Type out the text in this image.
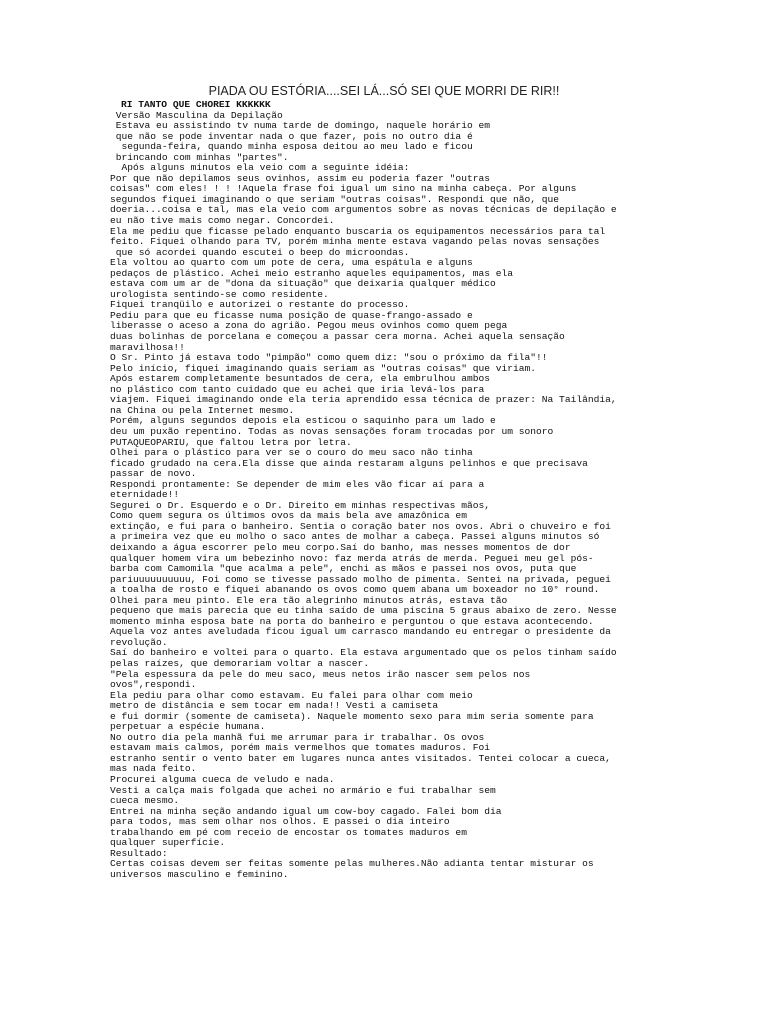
PIADA OU ESTÓRIA....SEI LÁ...SÓ SEI QUE MORRI DE RIR!!
RI TANTO QUE CHOREI KKKKKK
Versão Masculina da Depilação
Estava eu assistindo tv numa tarde de domingo, naquele horário em
que não se pode inventar nada o que fazer, pois no outro dia é
segunda-feira, quando minha esposa deitou ao meu lado e ficou
brincando com minhas "partes".
Após alguns minutos ela veio com a seguinte idéia:
Por que não depilamos seus ovinhos, assim eu poderia fazer "outras
coisas" com eles! ! ! !Aquela frase foi igual um sino na minha cabeça. Por alguns
segundos fiquei imaginando o que seriam "outras coisas". Respondi que não, que
doeria...coisa e tal, mas ela veio com argumentos sobre as novas técnicas de depilação e
eu não tive mais como negar. Concordei.
Ela me pediu que ficasse pelado enquanto buscaria os equipamentos necessários para tal
feito. Fiquei olhando para TV, porém minha mente estava vagando pelas novas sensações
que só acordei quando escutei o beep do microondas.
Ela voltou ao quarto com um pote de cera, uma espátula e alguns
pedaços de plástico. Achei meio estranho aqueles equipamentos, mas ela
estava com um ar de "dona da situação" que deixaria qualquer médico
urologista sentindo-se como residente.
Fiquei tranqüilo e autorizei o restante do processo.
Pediu para que eu ficasse numa posição de quase-frango-assado e
liberasse o aceso a zona do agrião. Pegou meus ovinhos como quem pega
duas bolinhas de porcelana e começou a passar cera morna. Achei aquela sensação
maravilhosa!!
O Sr. Pinto já estava todo "pimpão" como quem diz: "sou o próximo da fila"!!
Pelo início, fiquei imaginando quais seriam as "outras coisas" que viriam.
Após estarem completamente besuntados de cera, ela embrulhou ambos
no plástico com tanto cuidado que eu achei que iria levá-los para
viajem. Fiquei imaginando onde ela teria aprendido essa técnica de prazer: Na Tailândia,
na China ou pela Internet mesmo.
Porém, alguns segundos depois ela esticou o saquinho para um lado e
deu um puxão repentino. Todas as novas sensações foram trocadas por um sonoro
PUTAQUEOPARIU, que faltou letra por letra.
Olhei para o plástico para ver se o couro do meu saco não tinha
ficado grudado na cera.Ela disse que ainda restaram alguns pelinhos e que precisava
passar de novo.
Respondi prontamente: Se depender de mim eles vão ficar aí para a
eternidade!!
Segurei o Dr. Esquerdo e o Dr. Direito em minhas respectivas mãos,
Como quem segura os últimos ovos da mais bela ave amazônica em
extinção, e fui para o banheiro. Sentia o coração bater nos ovos. Abri o chuveiro e foi
a primeira vez que eu molho o saco antes de molhar a cabeça. Passei alguns minutos só
deixando a água escorrer pelo meu corpo.Saí do banho, mas nesses momentos de dor
qualquer homem vira um bebezinho novo: faz merda atrás de merda. Peguei meu gel pós-
barba com Camomila "que acalma a pele", enchi as mãos e passei nos ovos, puta que
pariuuuuuuuuuu, Foi como se tivesse passado molho de pimenta. Sentei na privada, peguei
a toalha de rosto e fiquei abanando os ovos como quem abana um boxeador no 10° round.
Olhei para meu pinto. Ele era tão alegrinho minutos atrás, estava tão
pequeno que mais parecia que eu tinha saído de uma piscina 5 graus abaixo de zero. Nesse
momento minha esposa bate na porta do banheiro e perguntou o que estava acontecendo.
Aquela voz antes aveludada ficou igual um carrasco mandando eu entregar o presidente da
revolução.
Saí do banheiro e voltei para o quarto. Ela estava argumentado que os pelos tinham saído
pelas raízes, que demorariam voltar a nascer.
"Pela espessura da pele do meu saco, meus netos irão nascer sem pelos nos
ovos",respondi.
Ela pediu para olhar como estavam. Eu falei para olhar com meio
metro de distância e sem tocar em nada!! Vesti a camiseta
e fui dormir (somente de camiseta). Naquele momento sexo para mim seria somente para
perpetuar a espécie humana.
No outro dia pela manhã fui me arrumar para ir trabalhar. Os ovos
estavam mais calmos, porém mais vermelhos que tomates maduros. Foi
estranho sentir o vento bater em lugares nunca antes visitados. Tentei colocar a cueca,
mas nada feito.
Procurei alguma cueca de veludo e nada.
Vesti a calça mais folgada que achei no armário e fui trabalhar sem
cueca mesmo.
Entrei na minha seção andando igual um cow-boy cagado. Falei bom dia
para todos, mas sem olhar nos olhos. E passei o dia inteiro
trabalhando em pé com receio de encostar os tomates maduros em
qualquer superfície.
Resultado:
Certas coisas devem ser feitas somente pelas mulheres.Não adianta tentar misturar os
universos masculino e feminino.
